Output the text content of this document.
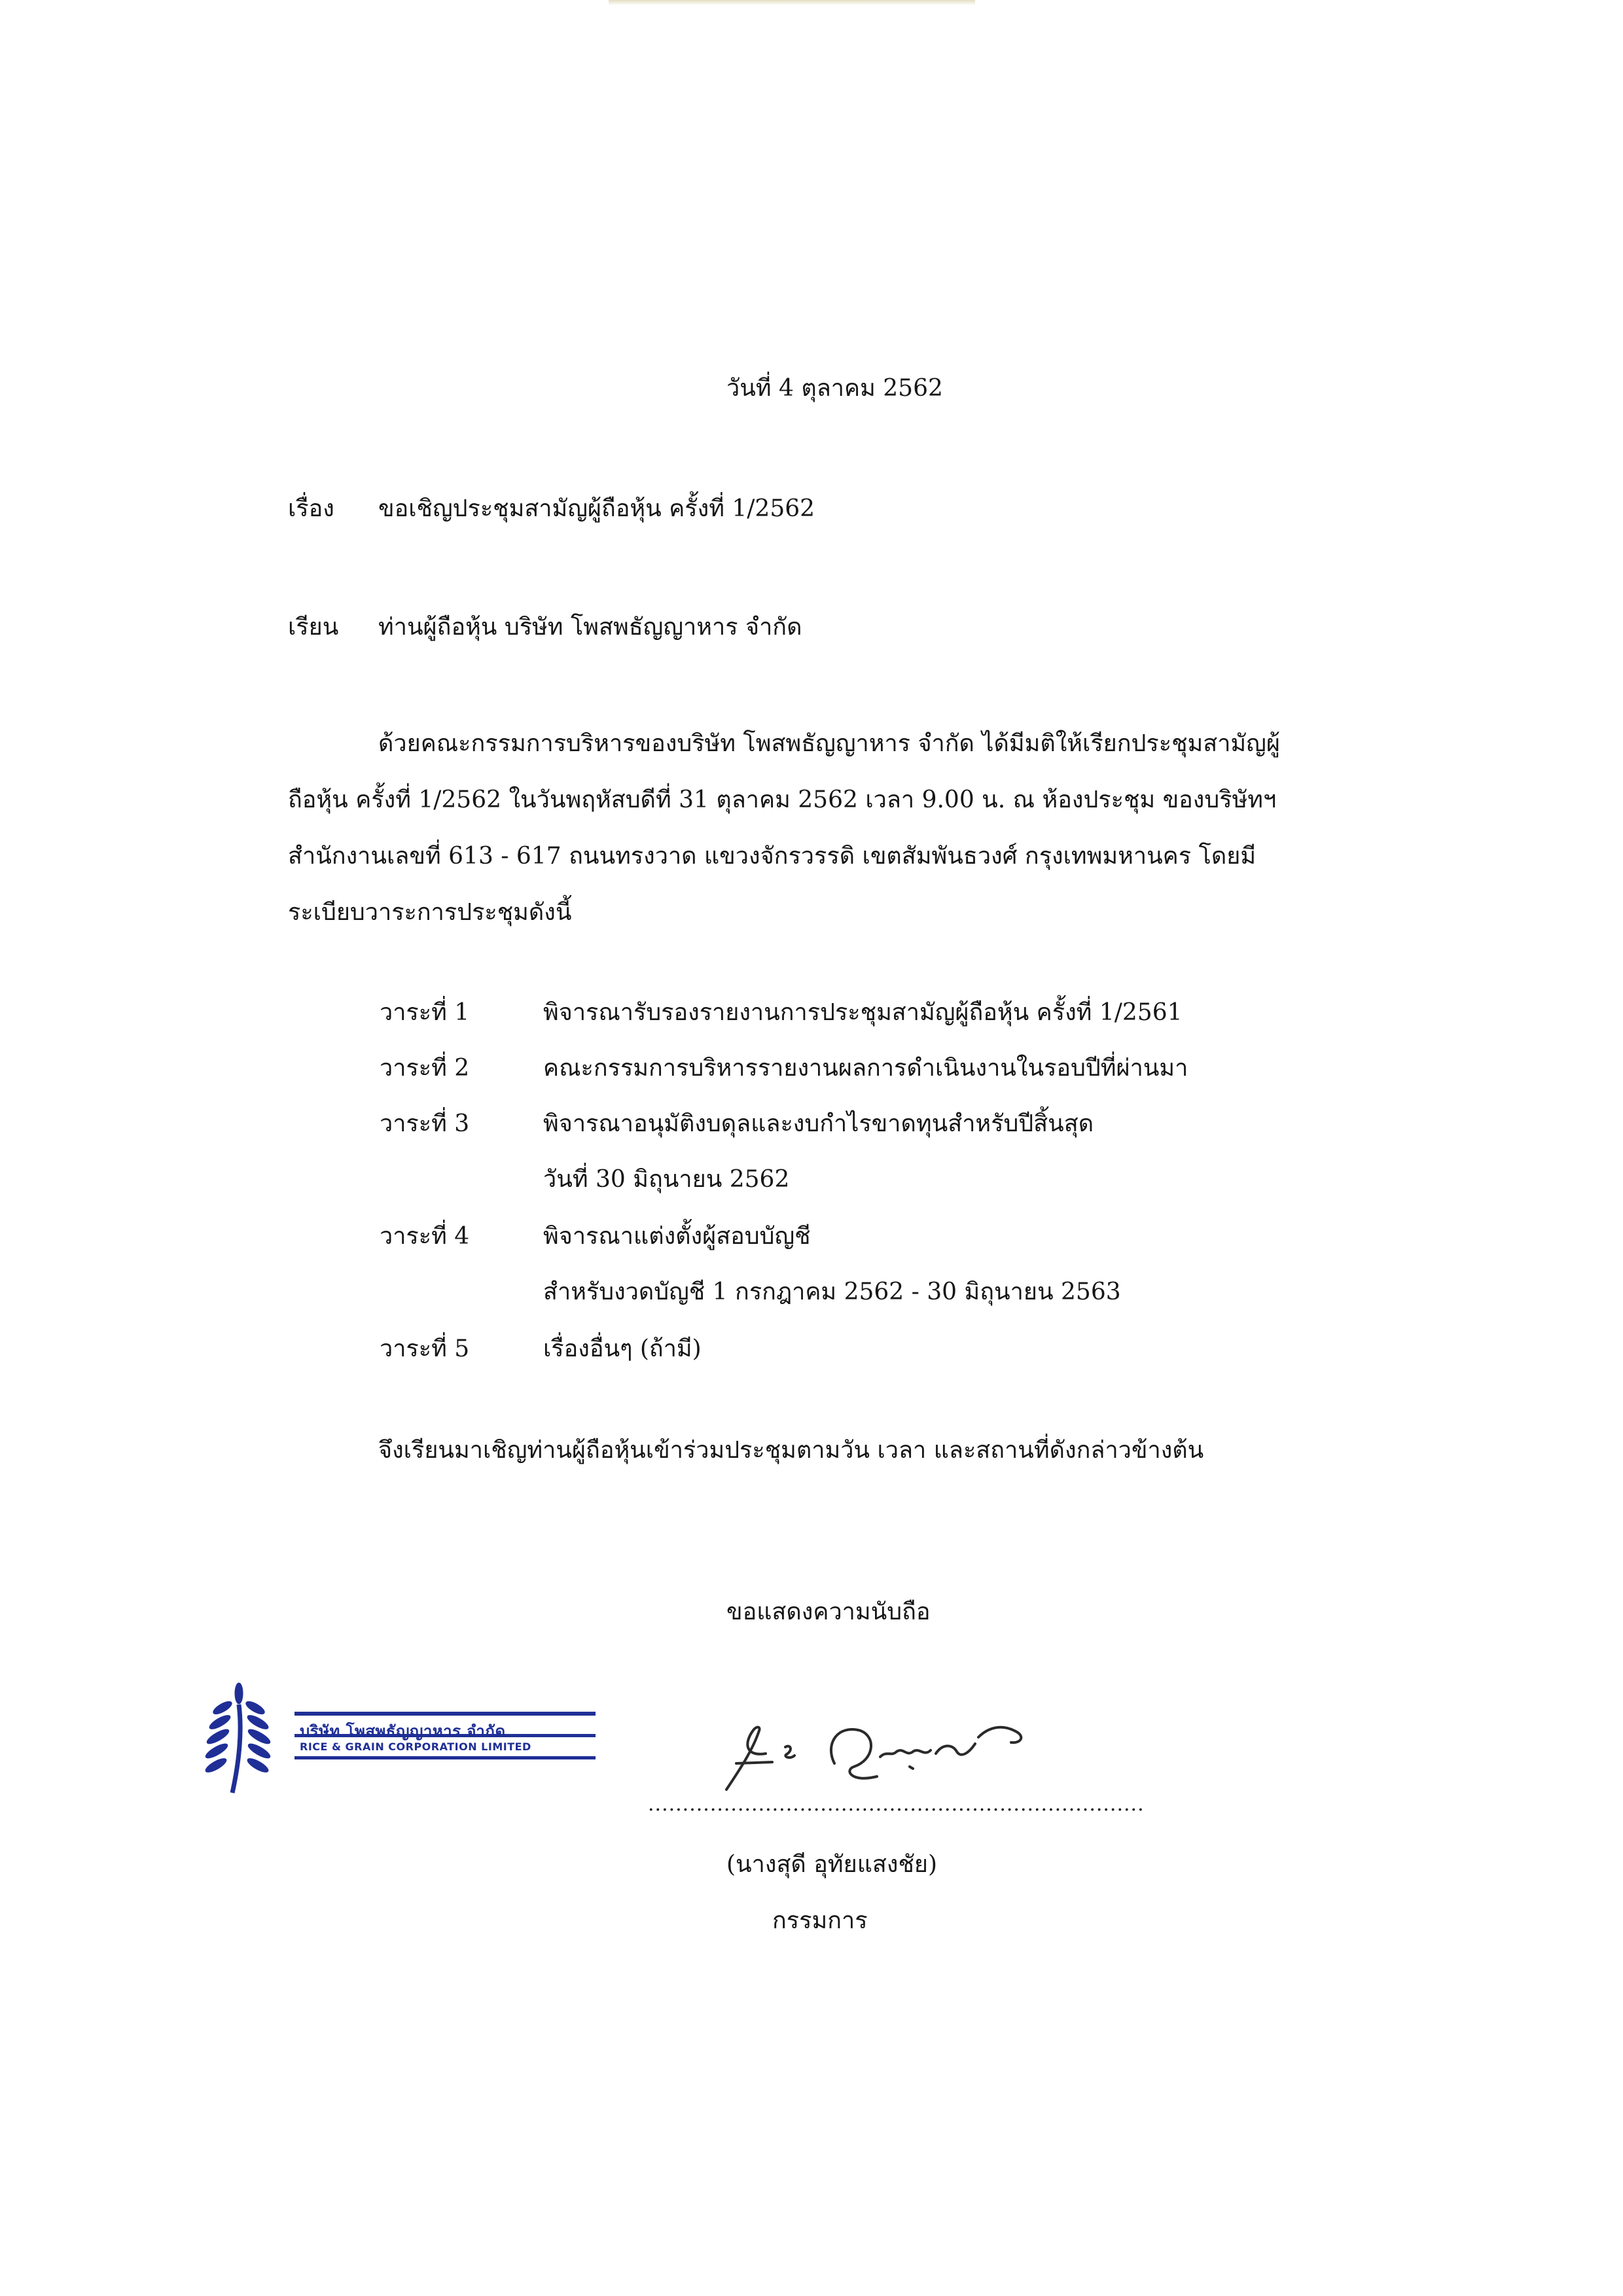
วันที่ 4 ตุลาคม 2562
เรื่อง ขอเชิญประชุมสามัญผู้ถือหุ้น ครั้งที่ 1/2562
เรียน ท่านผู้ถือหุ้น บริษัท โพสพธัญญาหาร จำกัด
ด้วยคณะกรรมการบริหารของบริษัท โพสพธัญญาหาร จำกัด ได้มีมติให้เรียกประชุมสามัญผู้
ถือหุ้น ครั้งที่ 1/2562 ในวันพฤหัสบดีที่ 31 ตุลาคม 2562 เวลา 9.00 น. ณ ห้องประชุม ของบริษัทฯ
สำนักงานเลขที่ 613 - 617 ถนนทรงวาด แขวงจักรวรรดิ เขตสัมพันธวงศ์ กรุงเทพมหานคร โดยมี
ระเบียบวาระการประชุมดังนี้
วาระที่ 1	พิจารณารับรองรายงานการประชุมสามัญผู้ถือหุ้น ครั้งที่ 1/2561
วาระที่ 2	คณะกรรมการบริหารรายงานผลการดำเนินงานในรอบปีที่ผ่านมา
วาระที่ 3	พิจารณาอนุมัติงบดุลและงบกำไรขาดทุนสำหรับปีสิ้นสุด
วันที่ 30 มิถุนายน 2562
วาระที่ 4	พิจารณาแต่งตั้งผู้สอบบัญชี
สำหรับงวดบัญชี 1 กรกฎาคม 2562 - 30 มิถุนายน 2563
วาระที่ 5	เรื่องอื่นๆ (ถ้ามี)
จึงเรียนมาเชิญท่านผู้ถือหุ้นเข้าร่วมประชุมตามวัน เวลา และสถานที่ดังกล่าวข้างต้น
ขอแสดงความนับถือ
บริษัท โพสพธัญญาหาร จำกัด
RICE & GRAIN CORPORATION LIMITED
........................................................................
(นางสุดี อุทัยแสงชัย)
กรรมการ
